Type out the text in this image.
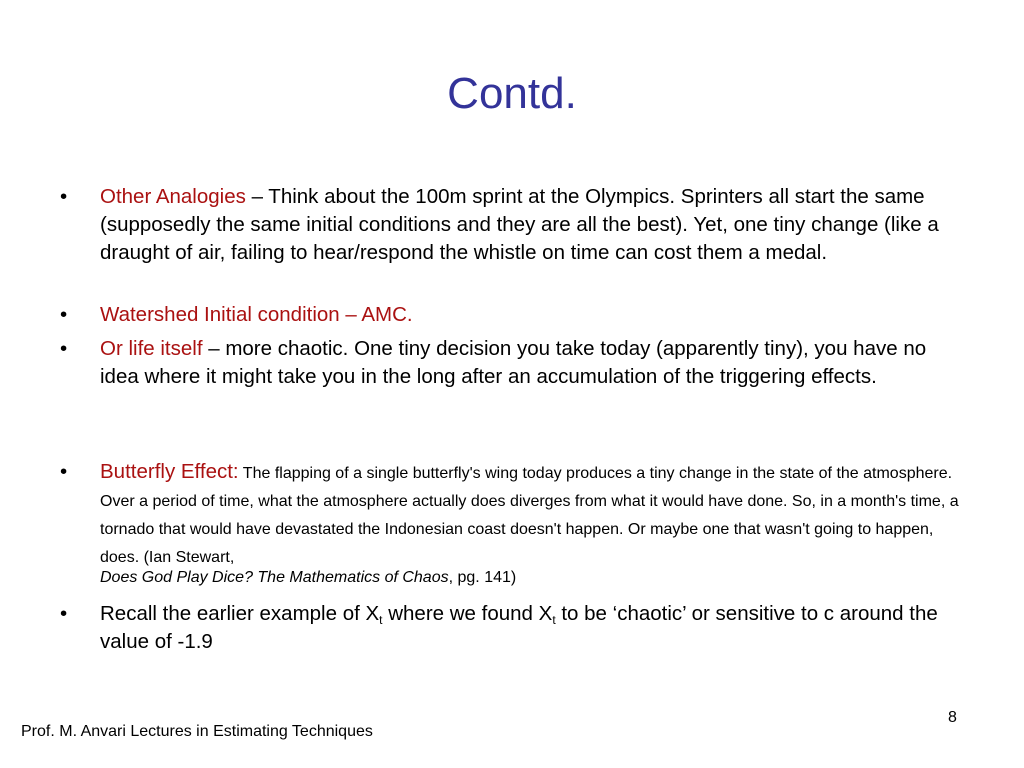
Contd.
• Other Analogies – Think about the 100m sprint at the Olympics. Sprinters all start the same (supposedly the same initial conditions and they are all the best). Yet, one tiny change (like a draught of air, failing to hear/respond the whistle on time can cost them a medal.
• Watershed Initial condition – AMC.
• Or life itself – more chaotic. One tiny decision you take today (apparently tiny), you have no idea where it might take you in the long after an accumulation of the triggering effects.
• Butterfly Effect: The flapping of a single butterfly's wing today produces a tiny change in the state of the atmosphere. Over a period of time, what the atmosphere actually does diverges from what it would have done. So, in a month's time, a tornado that would have devastated the Indonesian coast doesn't happen. Or maybe one that wasn't going to happen, does. (Ian Stewart,
Does God Play Dice? The Mathematics of Chaos, pg. 141)
• Recall the earlier example of $X_t$ where we found $X_t$ to be ‘chaotic’ or sensitive to c around the value of -1.9
8
Prof. M. Anvari Lectures in Estimating Techniques
